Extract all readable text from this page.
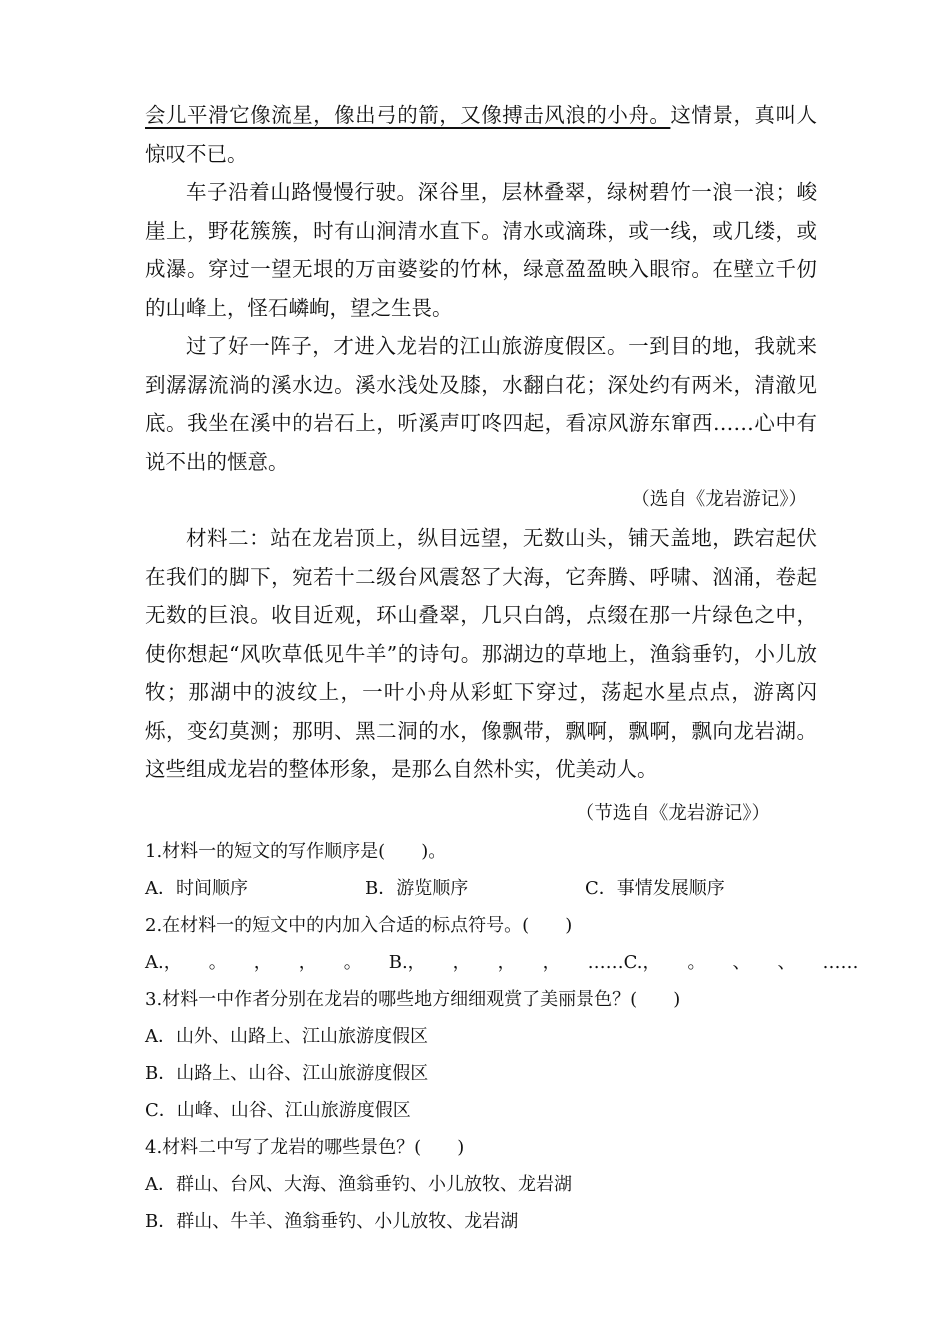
会儿平滑它像流星，像出弓的箭，又像搏击风浪的小舟。这情景，真叫人惊叹不已。

车子沿着山路慢慢行驶。深谷里，层林叠翠，绿树碧竹一浪一浪；峻崖上，野花簇簇，时有山涧清水直下。清水或滴珠，或一线，或几缕，或成瀑。穿过一望无垠的万亩婆娑的竹林，绿意盈盈映入眼帘。在壁立千仞的山峰上，怪石嶙峋，望之生畏。

过了好一阵子，才进入龙岩的江山旅游度假区。一到目的地，我就来到潺潺流淌的溪水边。溪水浅处及膝，水翻白花；深处约有两米，清澈见底。我坐在溪中的岩石上，听溪声叮咚四起，看凉风游东窜西……心中有说不出的惬意。

（选自《龙岩游记》）

材料二：站在龙岩顶上，纵目远望，无数山头，铺天盖地，跌宕起伏在我们的脚下，宛若十二级台风震怒了大海，它奔腾、呼啸、汹涌，卷起无数的巨浪。收目近观，环山叠翠，几只白鸽，点缀在那一片绿色之中，使你想起“风吹草低见牛羊”的诗句。那湖边的草地上，渔翁垂钓，小儿放牧；那湖中的波纹上，一叶小舟从彩虹下穿过，荡起水星点点，游离闪烁，变幻莫测；那明、黑二洞的水，像飘带，飘啊，飘啊，飘向龙岩湖。这些组成龙岩的整体形象，是那么自然朴实，优美动人。

（节选自《龙岩游记》）

1.材料一的短文的写作顺序是(　　)。

A．时间顺序	B．游览顺序	C．事情发展顺序

2.在材料一的短文中的内加入合适的标点符号。(　　)

A.，　　。　　，　　，　　。　　B.，　　，　　，　　，　　……C.，　　。　　、　　、　　……

3.材料一中作者分别在龙岩的哪些地方细细观赏了美丽景色？(　　)

A．山外、山路上、江山旅游度假区

B．山路上、山谷、江山旅游度假区

C．山峰、山谷、江山旅游度假区

4.材料二中写了龙岩的哪些景色？(　　)

A．群山、台风、大海、渔翁垂钓、小儿放牧、龙岩湖

B．群山、牛羊、渔翁垂钓、小儿放牧、龙岩湖
